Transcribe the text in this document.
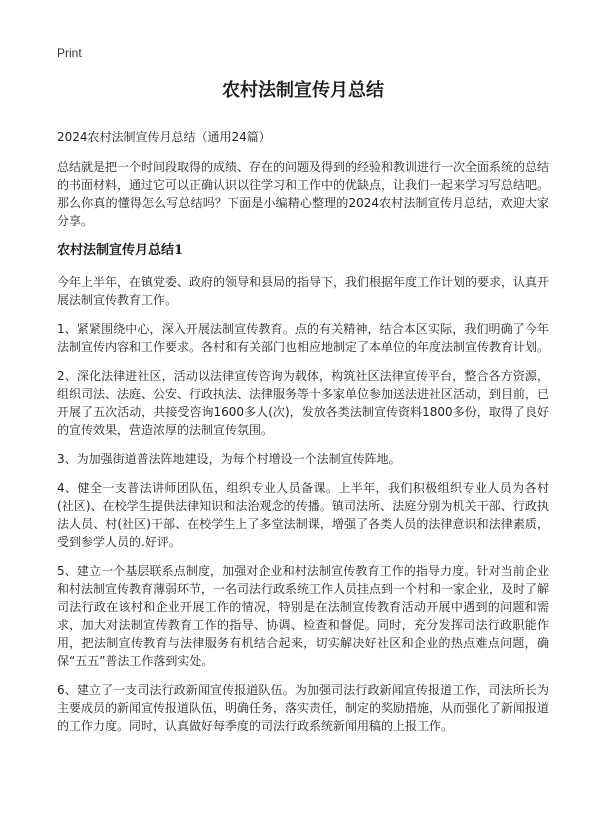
Print
农村法制宣传月总结
2024农村法制宣传月总结（通用24篇）

总结就是把一个时间段取得的成绩、存在的问题及得到的经验和教训进行一次全面系统的总结的书面材料，通过它可以正确认识以往学习和工作中的优缺点，让我们一起来学习写总结吧。那么你真的懂得怎么写总结吗？下面是小编精心整理的2024农村法制宣传月总结，欢迎大家分享。

农村法制宣传月总结1

今年上半年，在镇党委、政府的领导和县局的指导下，我们根据年度工作计划的要求，认真开展法制宣传教育工作。

1、紧紧围绕中心，深入开展法制宣传教育。点的有关精神，结合本区实际，我们明确了今年法制宣传内容和工作要求。各村和有关部门也相应地制定了本单位的年度法制宣传教育计划。

2、深化法律进社区，活动以法律宣传咨询为载体，构筑社区法律宣传平台，整合各方资源，组织司法、法庭、公安、行政执法、法律服务等十多家单位参加送法进社区活动，到目前，已开展了五次活动，共接受咨询1600多人(次)，发放各类法制宣传资料1800多份，取得了良好的宣传效果，营造浓厚的法制宣传氛围。

3、为加强街道普法阵地建设，为每个村增设一个法制宣传阵地。

4、健全一支普法讲师团队伍，组织专业人员备课。上半年，我们积极组织专业人员为各村(社区)、在校学生提供法律知识和法治观念的传播。镇司法所、法庭分别为机关干部、行政执法人员、村(社区)干部、在校学生上了多堂法制课，增强了各类人员的法律意识和法律素质，受到参学人员的.好评。

5、建立一个基层联系点制度，加强对企业和村法制宣传教育工作的指导力度。针对当前企业和村法制宣传教育薄弱环节，一名司法行政系统工作人员挂点到一个村和一家企业，及时了解司法行政在该村和企业开展工作的情况，特别是在法制宣传教育活动开展中遇到的问题和需求，加大对法制宣传教育工作的指导、协调、检查和督促。同时，充分发挥司法行政职能作用，把法制宣传教育与法律服务有机结合起来，切实解决好社区和企业的热点难点问题，确保“五五”普法工作落到实处。

6、建立了一支司法行政新闻宣传报道队伍。为加强司法行政新闻宣传报道工作，司法所长为主要成员的新闻宣传报道队伍，明确任务，落实责任，制定的奖励措施，从而强化了新闻报道的工作力度。同时，认真做好每季度的司法行政系统新闻用稿的上报工作。
